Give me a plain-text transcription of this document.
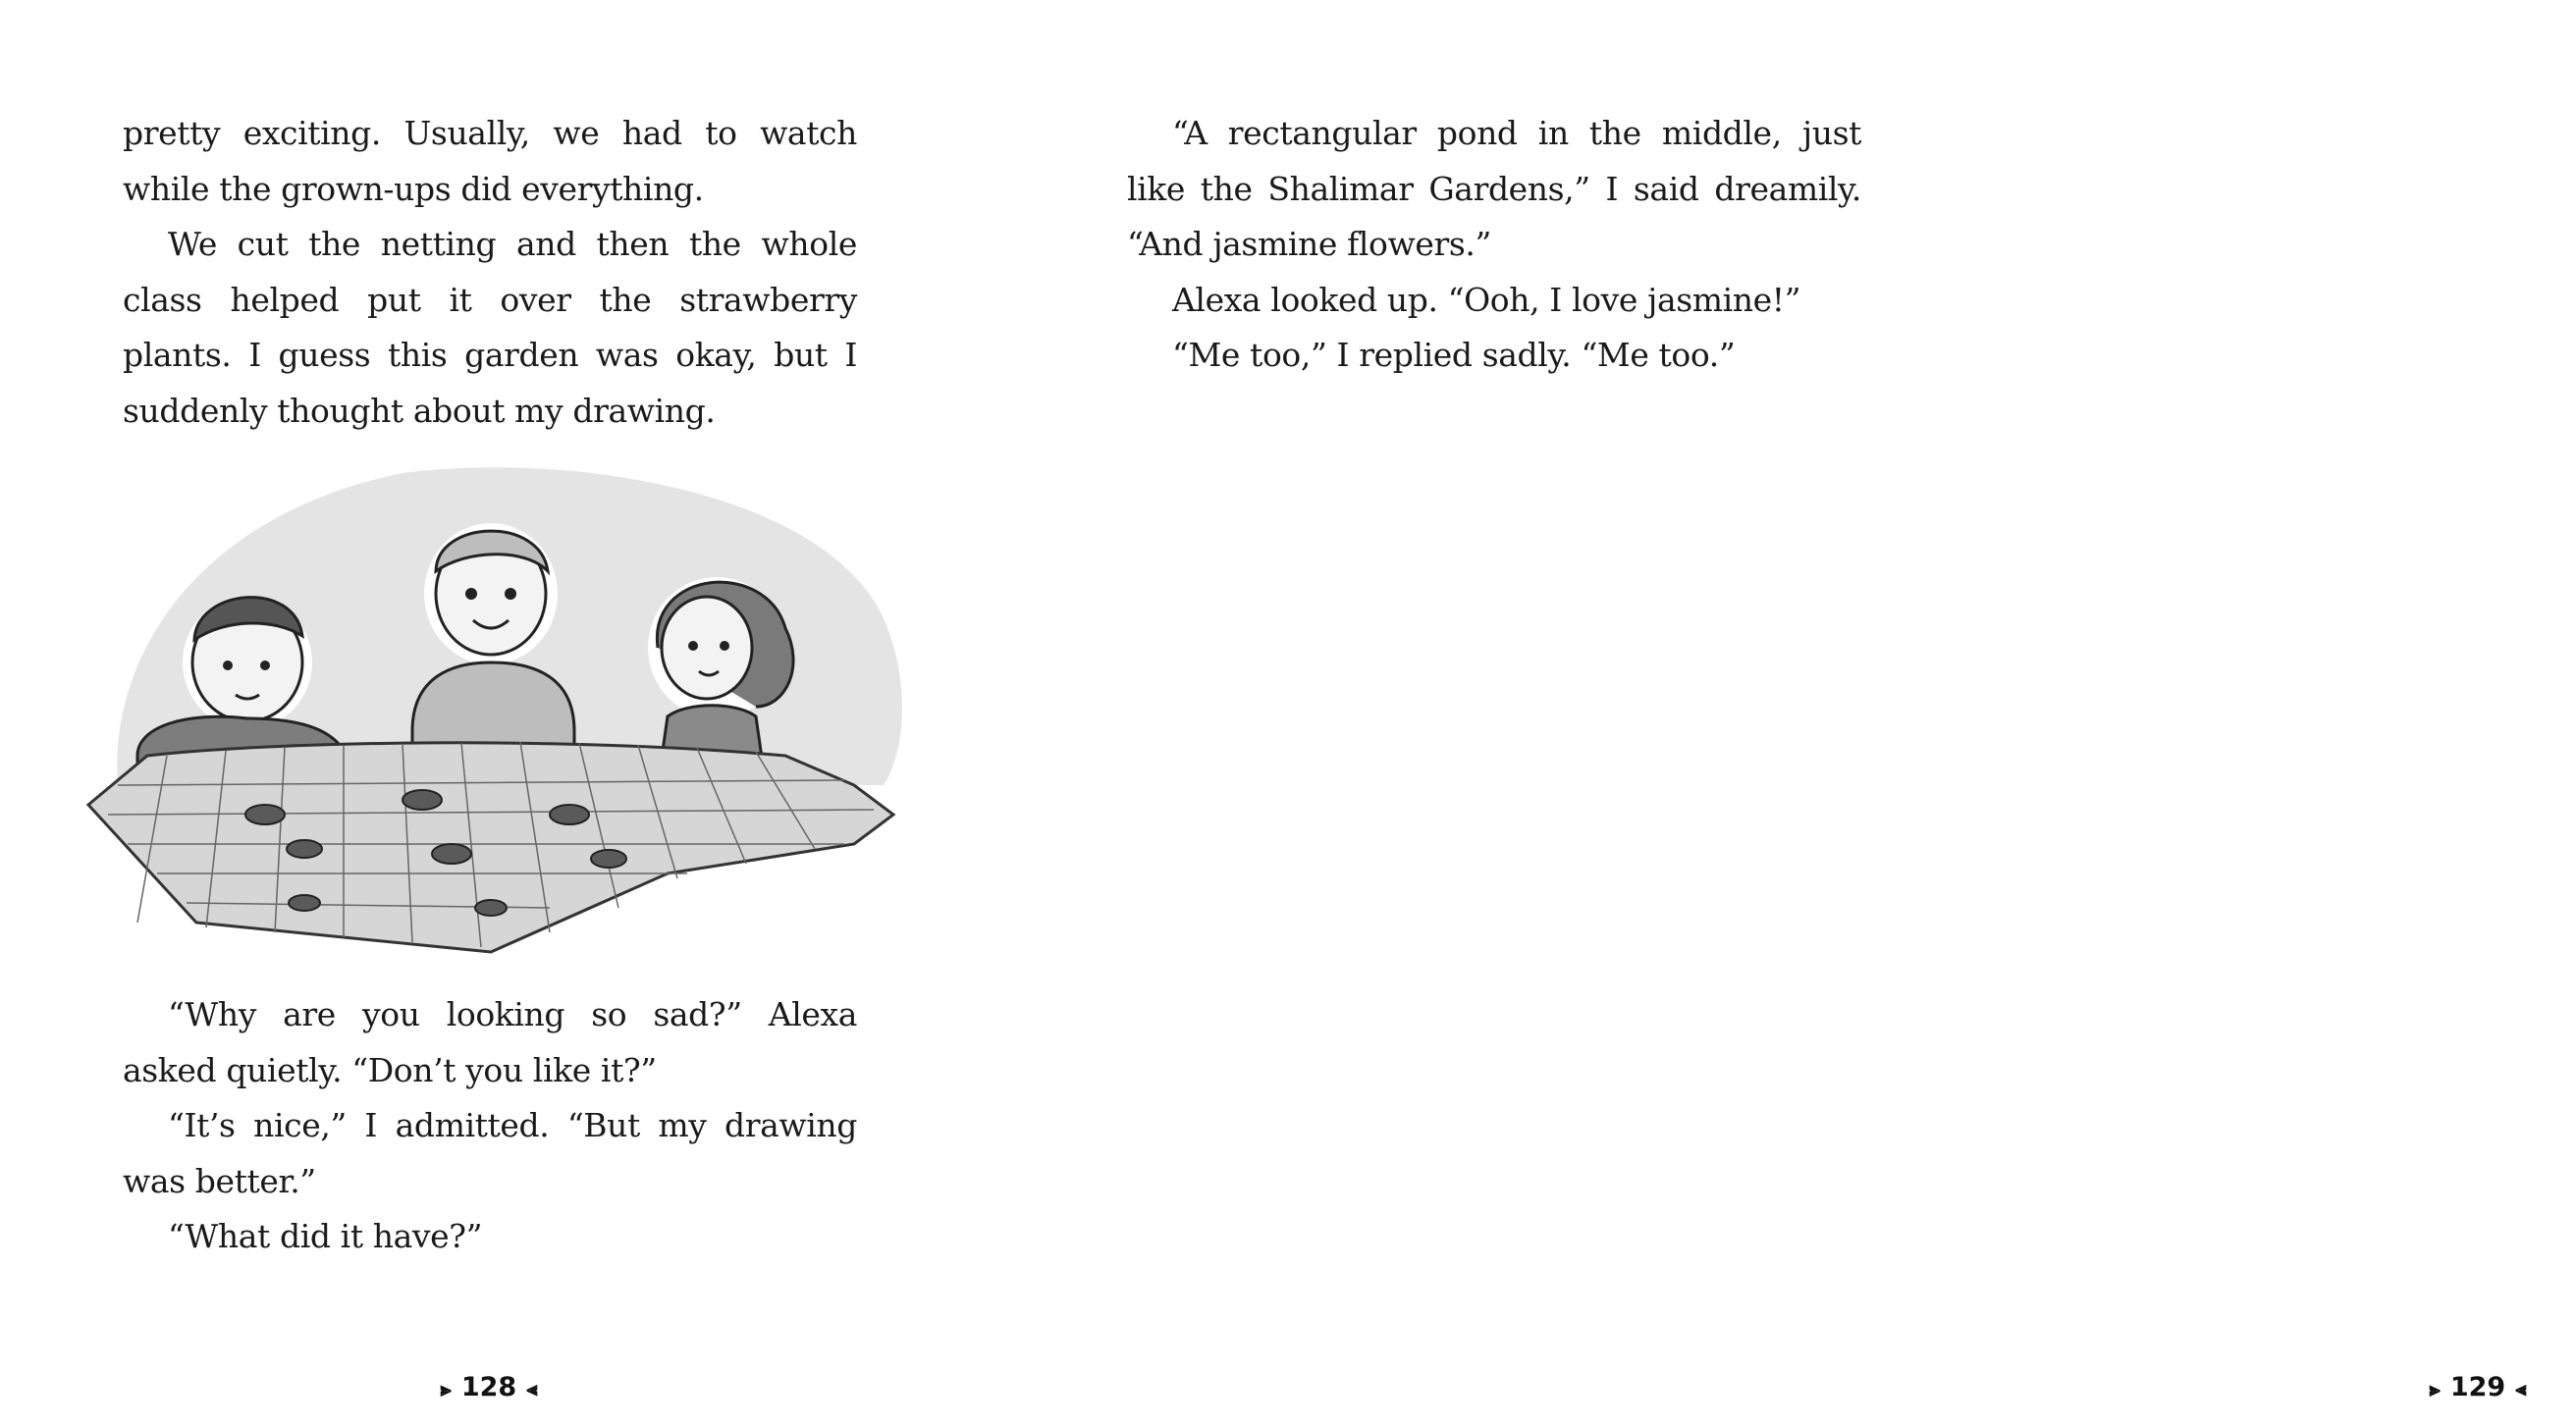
pretty exciting. Usually, we had to watch while the grown-ups did everything.

We cut the netting and then the whole class helped put it over the strawberry plants. I guess this garden was okay, but I suddenly thought about my drawing.

“Why are you looking so sad?” Alexa asked quietly. “Don’t you like it?”

“It’s nice,” I admitted. “But my drawing was better.”

“What did it have?”

⫸ 128 ⫷

“A rectangular pond in the middle, just like the Shalimar Gardens,” I said dreamily. “And jasmine flowers.”

Alexa looked up. “Ooh, I love jasmine!”

“Me too,” I replied sadly. “Me too.”

⫸ 129 ⫷
